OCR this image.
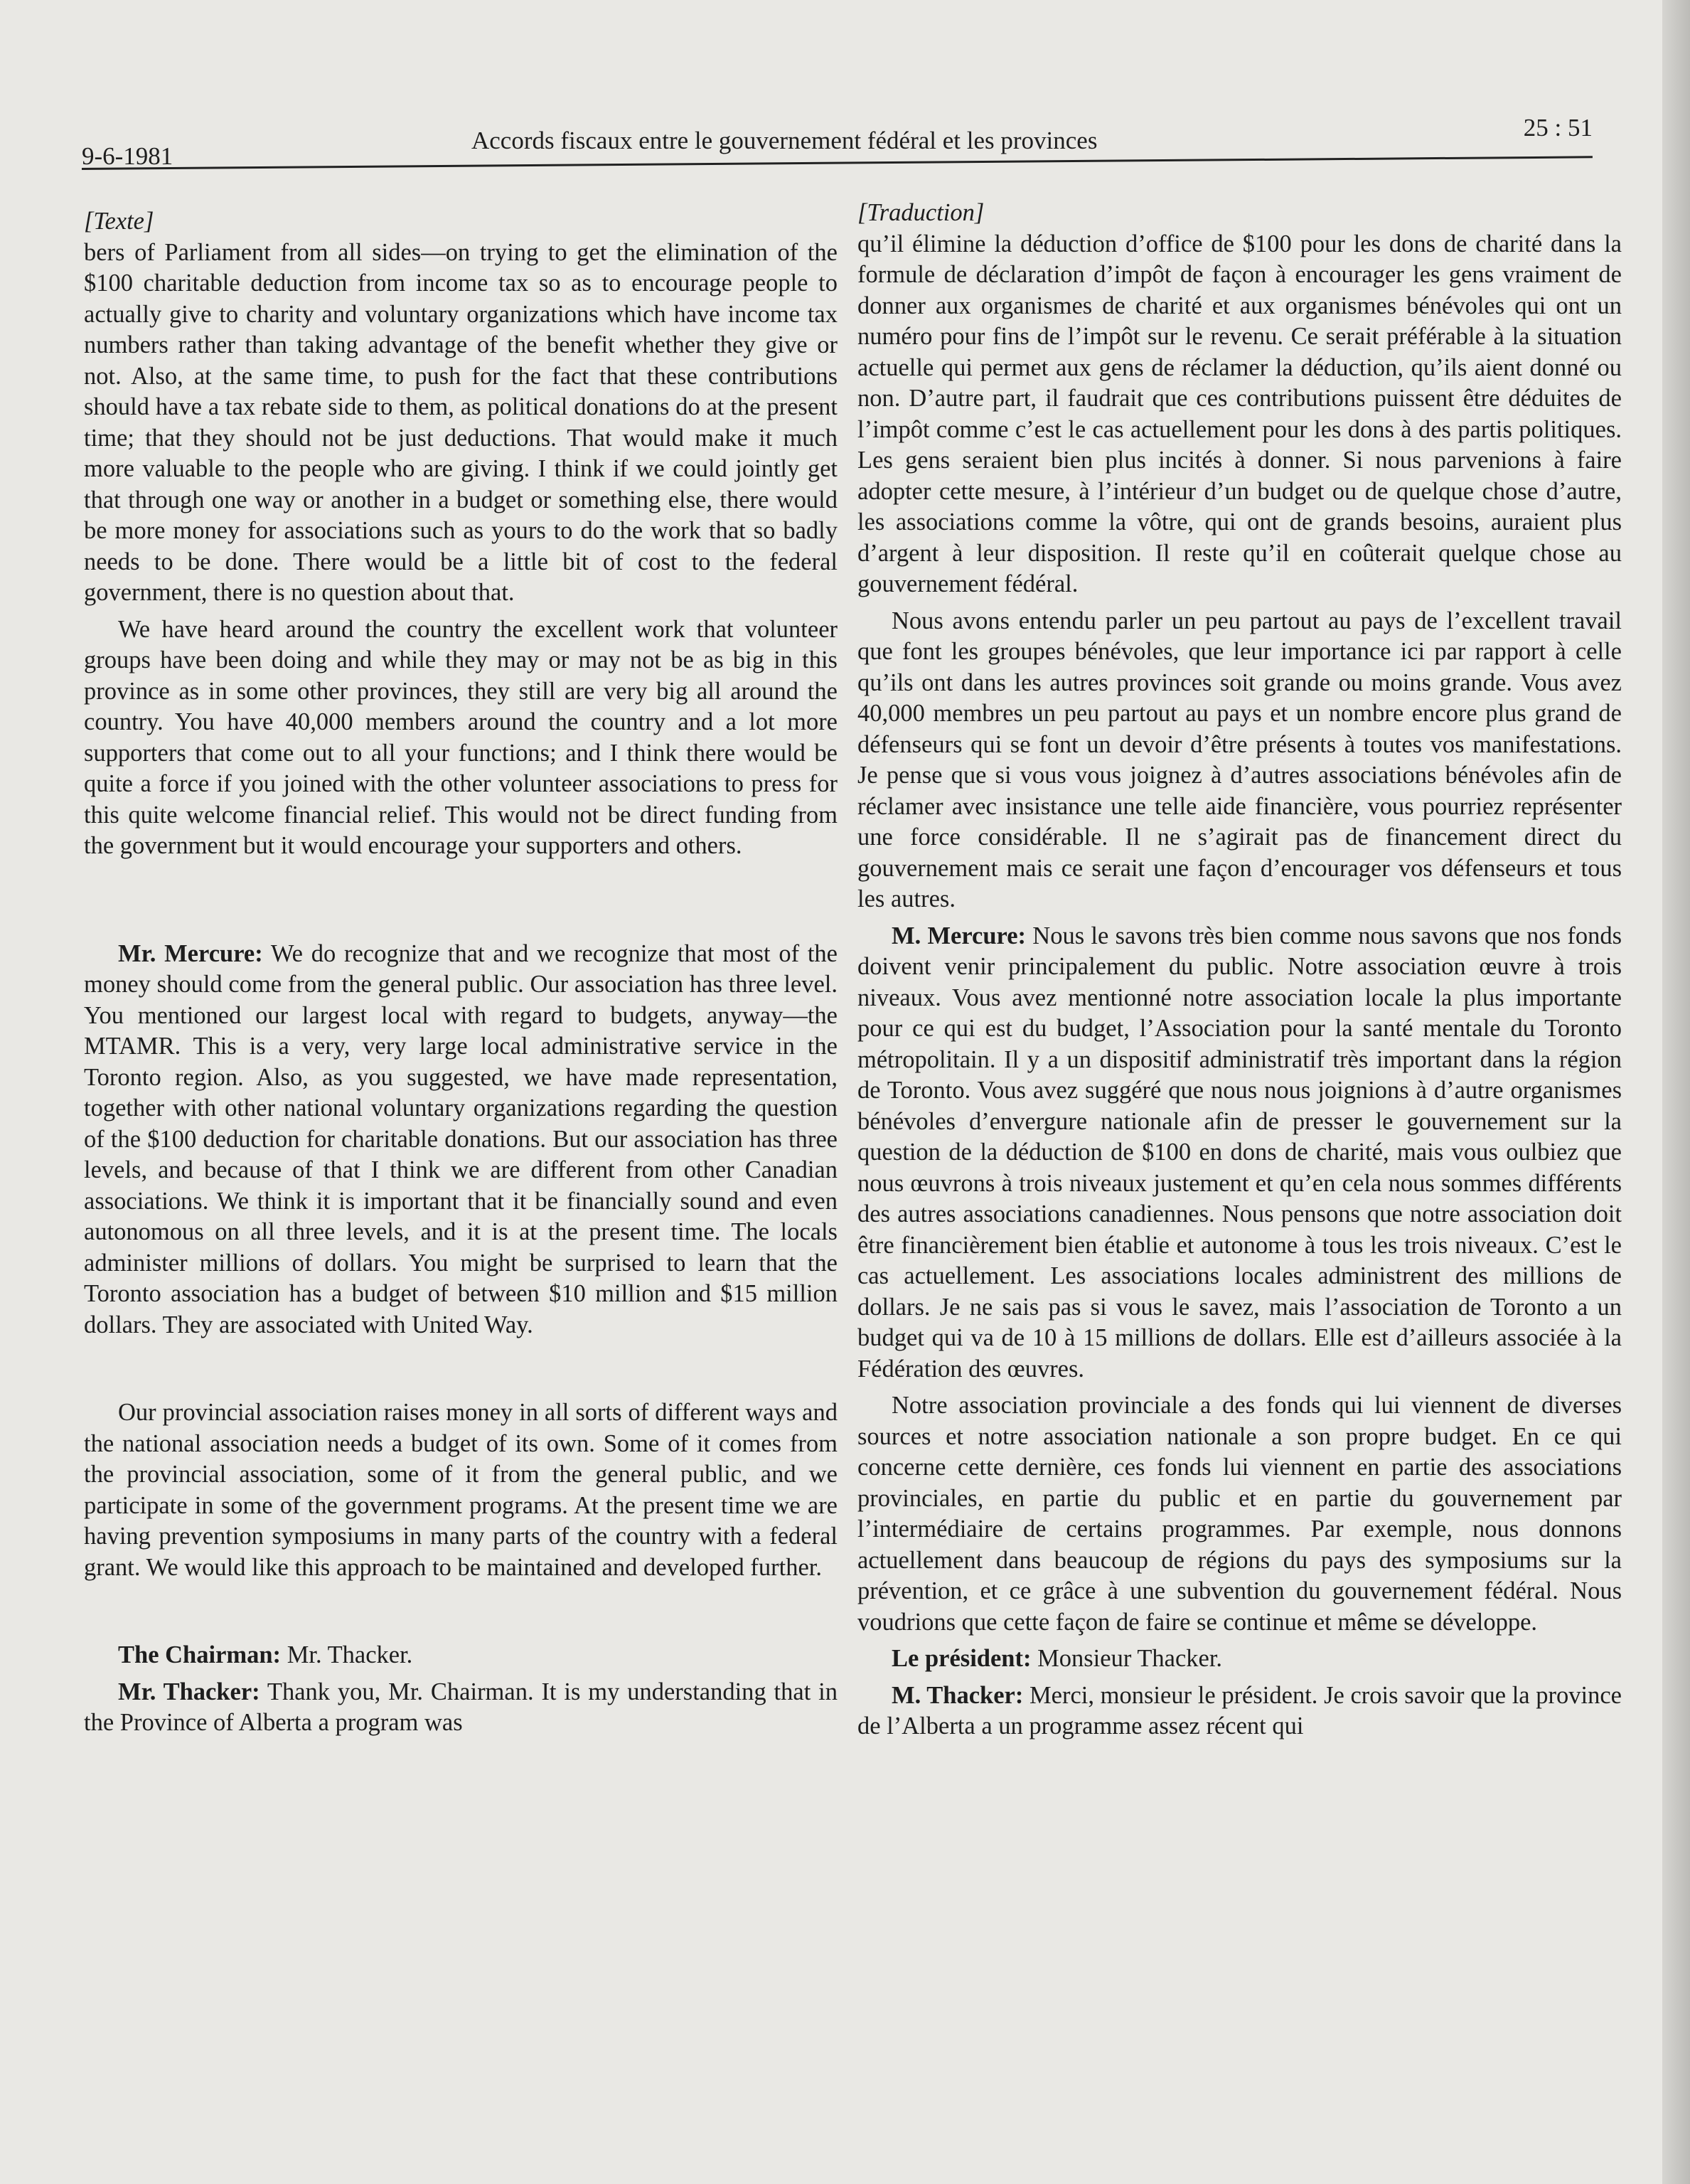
9-6-1981
Accords fiscaux entre le gouvernement fédéral et les provinces	25 : 51
[Texte]

bers of Parliament from all sides—on trying to get the elimination of the $100 charitable deduction from income tax so as to encourage people to actually give to charity and voluntary organizations which have income tax numbers rather than taking advantage of the benefit whether they give or not. Also, at the same time, to push for the fact that these contributions should have a tax rebate side to them, as political donations do at the present time; that they should not be just deductions. That would make it much more valuable to the people who are giving. I think if we could jointly get that through one way or another in a budget or something else, there would be more money for associations such as yours to do the work that so badly needs to be done. There would be a little bit of cost to the federal government, there is no question about that.

We have heard around the country the excellent work that volunteer groups have been doing and while they may or may not be as big in this province as in some other provinces, they still are very big all around the country. You have 40,000 members around the country and a lot more supporters that come out to all your functions; and I think there would be quite a force if you joined with the other volunteer associations to press for this quite welcome financial relief. This would not be direct funding from the government but it would encourage your supporters and others.

Mr. Mercure: We do recognize that and we recognize that most of the money should come from the general public. Our association has three level. You mentioned our largest local with regard to budgets, anyway—the MTAMR. This is a very, very large local administrative service in the Toronto region. Also, as you suggested, we have made representation, together with other national voluntary organizations regarding the question of the $100 deduction for charitable donations. But our association has three levels, and because of that I think we are different from other Canadian associations. We think it is important that it be financially sound and even autonomous on all three levels, and it is at the present time. The locals administer millions of dollars. You might be surprised to learn that the Toronto association has a budget of between $10 million and $15 million dollars. They are associated with United Way.

Our provincial association raises money in all sorts of different ways and the national association needs a budget of its own. Some of it comes from the provincial association, some of it from the general public, and we participate in some of the government programs. At the present time we are having prevention symposiums in many parts of the country with a federal grant. We would like this approach to be maintained and developed further.

The Chairman: Mr. Thacker.

Mr. Thacker: Thank you, Mr. Chairman. It is my understanding that in the Province of Alberta a program was

[Traduction]

qu’il élimine la déduction d’office de $100 pour les dons de charité dans la formule de déclaration d’impôt de façon à encourager les gens vraiment de donner aux organismes de charité et aux organismes bénévoles qui ont un numéro pour fins de l’impôt sur le revenu. Ce serait préférable à la situation actuelle qui permet aux gens de réclamer la déduction, qu’ils aient donné ou non. D’autre part, il faudrait que ces contributions puissent être déduites de l’impôt comme c’est le cas actuellement pour les dons à des partis politiques. Les gens seraient bien plus incités à donner. Si nous parvenions à faire adopter cette mesure, à l’intérieur d’un budget ou de quelque chose d’autre, les associations comme la vôtre, qui ont de grands besoins, auraient plus d’argent à leur disposition. Il reste qu’il en coûterait quelque chose au gouvernement fédéral.

Nous avons entendu parler un peu partout au pays de l’excellent travail que font les groupes bénévoles, que leur importance ici par rapport à celle qu’ils ont dans les autres provinces soit grande ou moins grande. Vous avez 40,000 membres un peu partout au pays et un nombre encore plus grand de défenseurs qui se font un devoir d’être présents à toutes vos manifestations. Je pense que si vous vous joignez à d’autres associations bénévoles afin de réclamer avec insistance une telle aide financière, vous pourriez représenter une force considérable. Il ne s’agirait pas de financement direct du gouvernement mais ce serait une façon d’encourager vos défenseurs et tous les autres.

M. Mercure: Nous le savons très bien comme nous savons que nos fonds doivent venir principalement du public. Notre association œuvre à trois niveaux. Vous avez mentionné notre association locale la plus importante pour ce qui est du budget, l’Association pour la santé mentale du Toronto métropolitain. Il y a un dispositif administratif très important dans la région de Toronto. Vous avez suggéré que nous nous joignions à d’autre organismes bénévoles d’envergure nationale afin de presser le gouvernement sur la question de la déduction de $100 en dons de charité, mais vous oulbiez que nous œuvrons à trois niveaux justement et qu’en cela nous sommes différents des autres associations canadiennes. Nous pensons que notre association doit être financièrement bien établie et autonome à tous les trois niveaux. C’est le cas actuellement. Les associations locales administrent des millions de dollars. Je ne sais pas si vous le savez, mais l’association de Toronto a un budget qui va de 10 à 15 millions de dollars. Elle est d’ailleurs associée à la Fédération des œuvres.

Notre association provinciale a des fonds qui lui viennent de diverses sources et notre association nationale a son propre budget. En ce qui concerne cette dernière, ces fonds lui viennent en partie des associations provinciales, en partie du public et en partie du gouvernement par l’intermédiaire de certains programmes. Par exemple, nous donnons actuellement dans beaucoup de régions du pays des symposiums sur la prévention, et ce grâce à une subvention du gouvernement fédéral. Nous voudrions que cette façon de faire se continue et même se développe.

Le président: Monsieur Thacker.

M. Thacker: Merci, monsieur le président. Je crois savoir que la province de l’Alberta a un programme assez récent qui
